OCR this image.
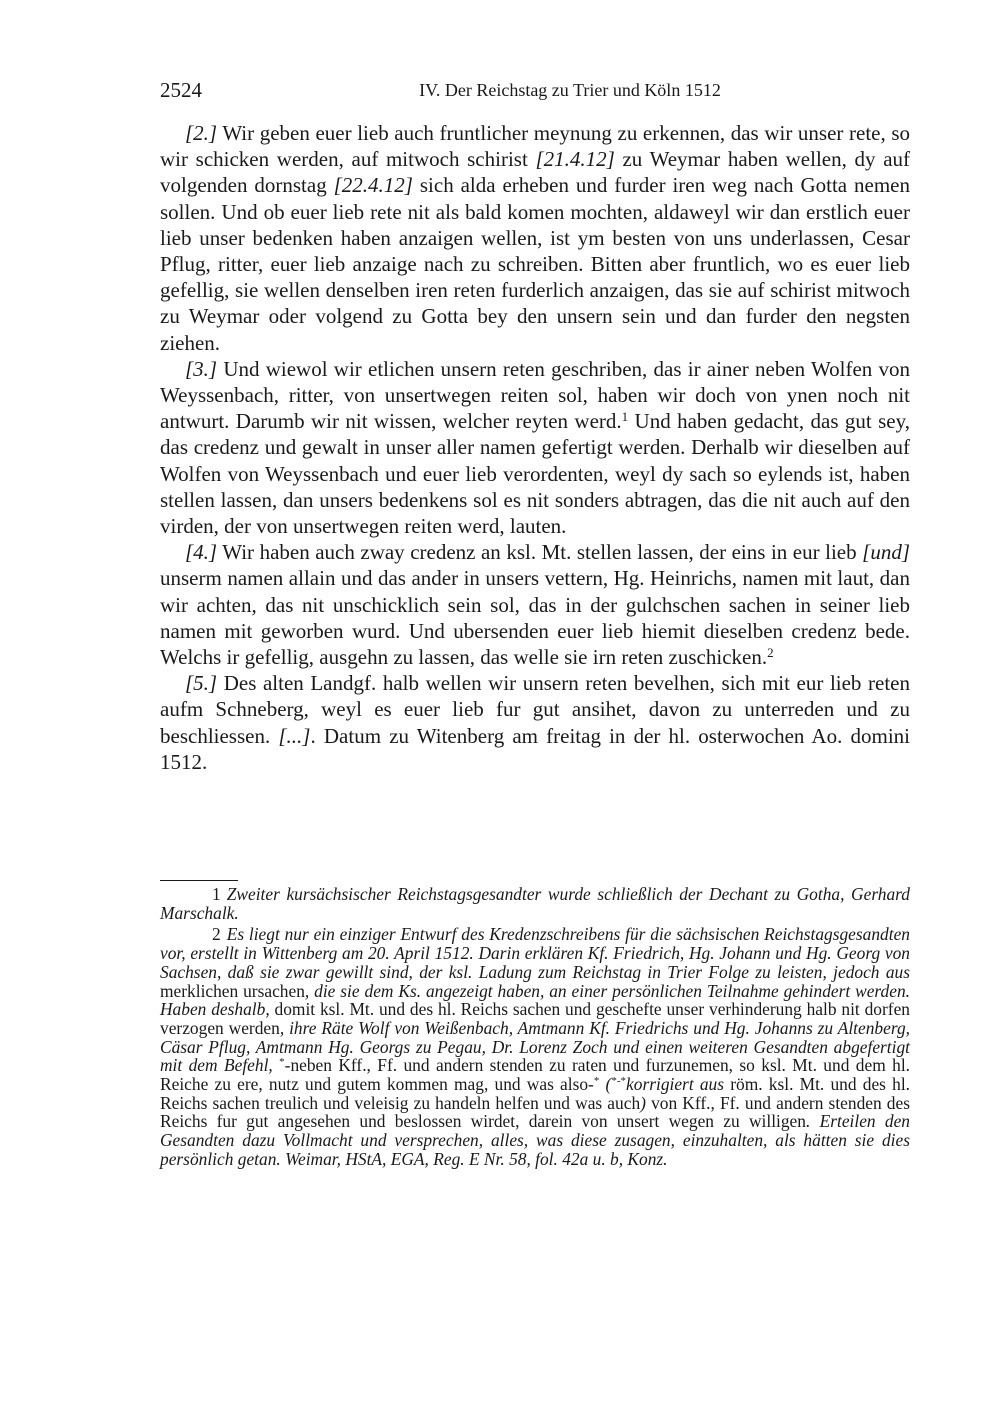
2524	IV. Der Reichstag zu Trier und Köln 1512

[2.] Wir geben euer lieb auch fruntlicher meynung zu erkennen, das wir unser rete, so wir schicken werden, auf mitwoch schirist [21.4.12] zu Weymar haben wellen, dy auf volgenden dornstag [22.4.12] sich alda erheben und furder iren weg nach Gotta nemen sollen. Und ob euer lieb rete nit als bald komen mochten, aldaweyl wir dan erstlich euer lieb unser bedenken haben anzaigen wellen, ist ym besten von uns underlassen, Cesar Pflug, ritter, euer lieb anzaige nach zu schreiben. Bitten aber fruntlich, wo es euer lieb gefellig, sie wellen denselben iren reten furderlich anzaigen, das sie auf schirist mitwoch zu Weymar oder volgend zu Gotta bey den unsern sein und dan furder den negsten ziehen.

[3.] Und wiewol wir etlichen unsern reten geschriben, das ir ainer neben Wolfen von Weyssenbach, ritter, von unsertwegen reiten sol, haben wir doch von ynen noch nit antwurt. Darumb wir nit wissen, welcher reyten werd.$^1$ Und haben gedacht, das gut sey, das credenz und gewalt in unser aller namen gefertigt werden. Derhalb wir dieselben auf Wolfen von Weyssenbach und euer lieb verordenten, weyl dy sach so eylends ist, haben stellen lassen, dan unsers bedenkens sol es nit sonders abtragen, das die nit auch auf den virden, der von unsertwegen reiten werd, lauten.

[4.] Wir haben auch zway credenz an ksl. Mt. stellen lassen, der eins in eur lieb [und] unserm namen allain und das ander in unsers vettern, Hg. Heinrichs, namen mit laut, dan wir achten, das nit unschicklich sein sol, das in der gulchschen sachen in seiner lieb namen mit geworben wurd. Und ubersenden euer lieb hiemit dieselben credenz bede. Welchs ir gefellig, ausgehn zu lassen, das welle sie irn reten zuschicken.$^2$

[5.] Des alten Landgf. halb wellen wir unsern reten bevelhen, sich mit eur lieb reten aufm Schneberg, weyl es euer lieb fur gut ansihet, davon zu unterreden und zu beschliessen. [...]. Datum zu Witenberg am freitag in der hl. osterwochen Ao. domini 1512.

1 Zweiter kursächsischer Reichstagsgesandter wurde schließlich der Dechant zu Gotha, Gerhard Marschalk.

2 Es liegt nur ein einziger Entwurf des Kredenzschreibens für die sächsischen Reichstagsgesandten vor, erstellt in Wittenberg am 20. April 1512. Darin erklären Kf. Friedrich, Hg. Johann und Hg. Georg von Sachsen, daß sie zwar gewillt sind, der ksl. Ladung zum Reichstag in Trier Folge zu leisten, jedoch aus merklichen ursachen, die sie dem Ks. angezeigt haben, an einer persönlichen Teilnahme gehindert werden. Haben deshalb, domit ksl. Mt. und des hl. Reichs sachen und geschefte unser verhinderung halb nit dorfen verzogen werden, ihre Räte Wolf von Weißenbach, Amtmann Kf. Friedrichs und Hg. Johanns zu Altenberg, Cäsar Pflug, Amtmann Hg. Georgs zu Pegau, Dr. Lorenz Zoch und einen weiteren Gesandten abgefertigt mit dem Befehl, *-neben Kff., Ff. und andern stenden zu raten und furzunemen, so ksl. Mt. und dem hl. Reiche zu ere, nutz und gutem kommen mag, und was also-* (*-*korrigiert aus röm. ksl. Mt. und des hl. Reichs sachen treulich und veleisig zu handeln helfen und was auch) von Kff., Ff. und andern stenden des Reichs fur gut angesehen und beslossen wirdet, darein von unsert wegen zu willigen. Erteilen den Gesandten dazu Vollmacht und versprechen, alles, was diese zusagen, einzuhalten, als hätten sie dies persönlich getan. Weimar, HStA, EGA, Reg. E Nr. 58, fol. 42a u. b, Konz.
